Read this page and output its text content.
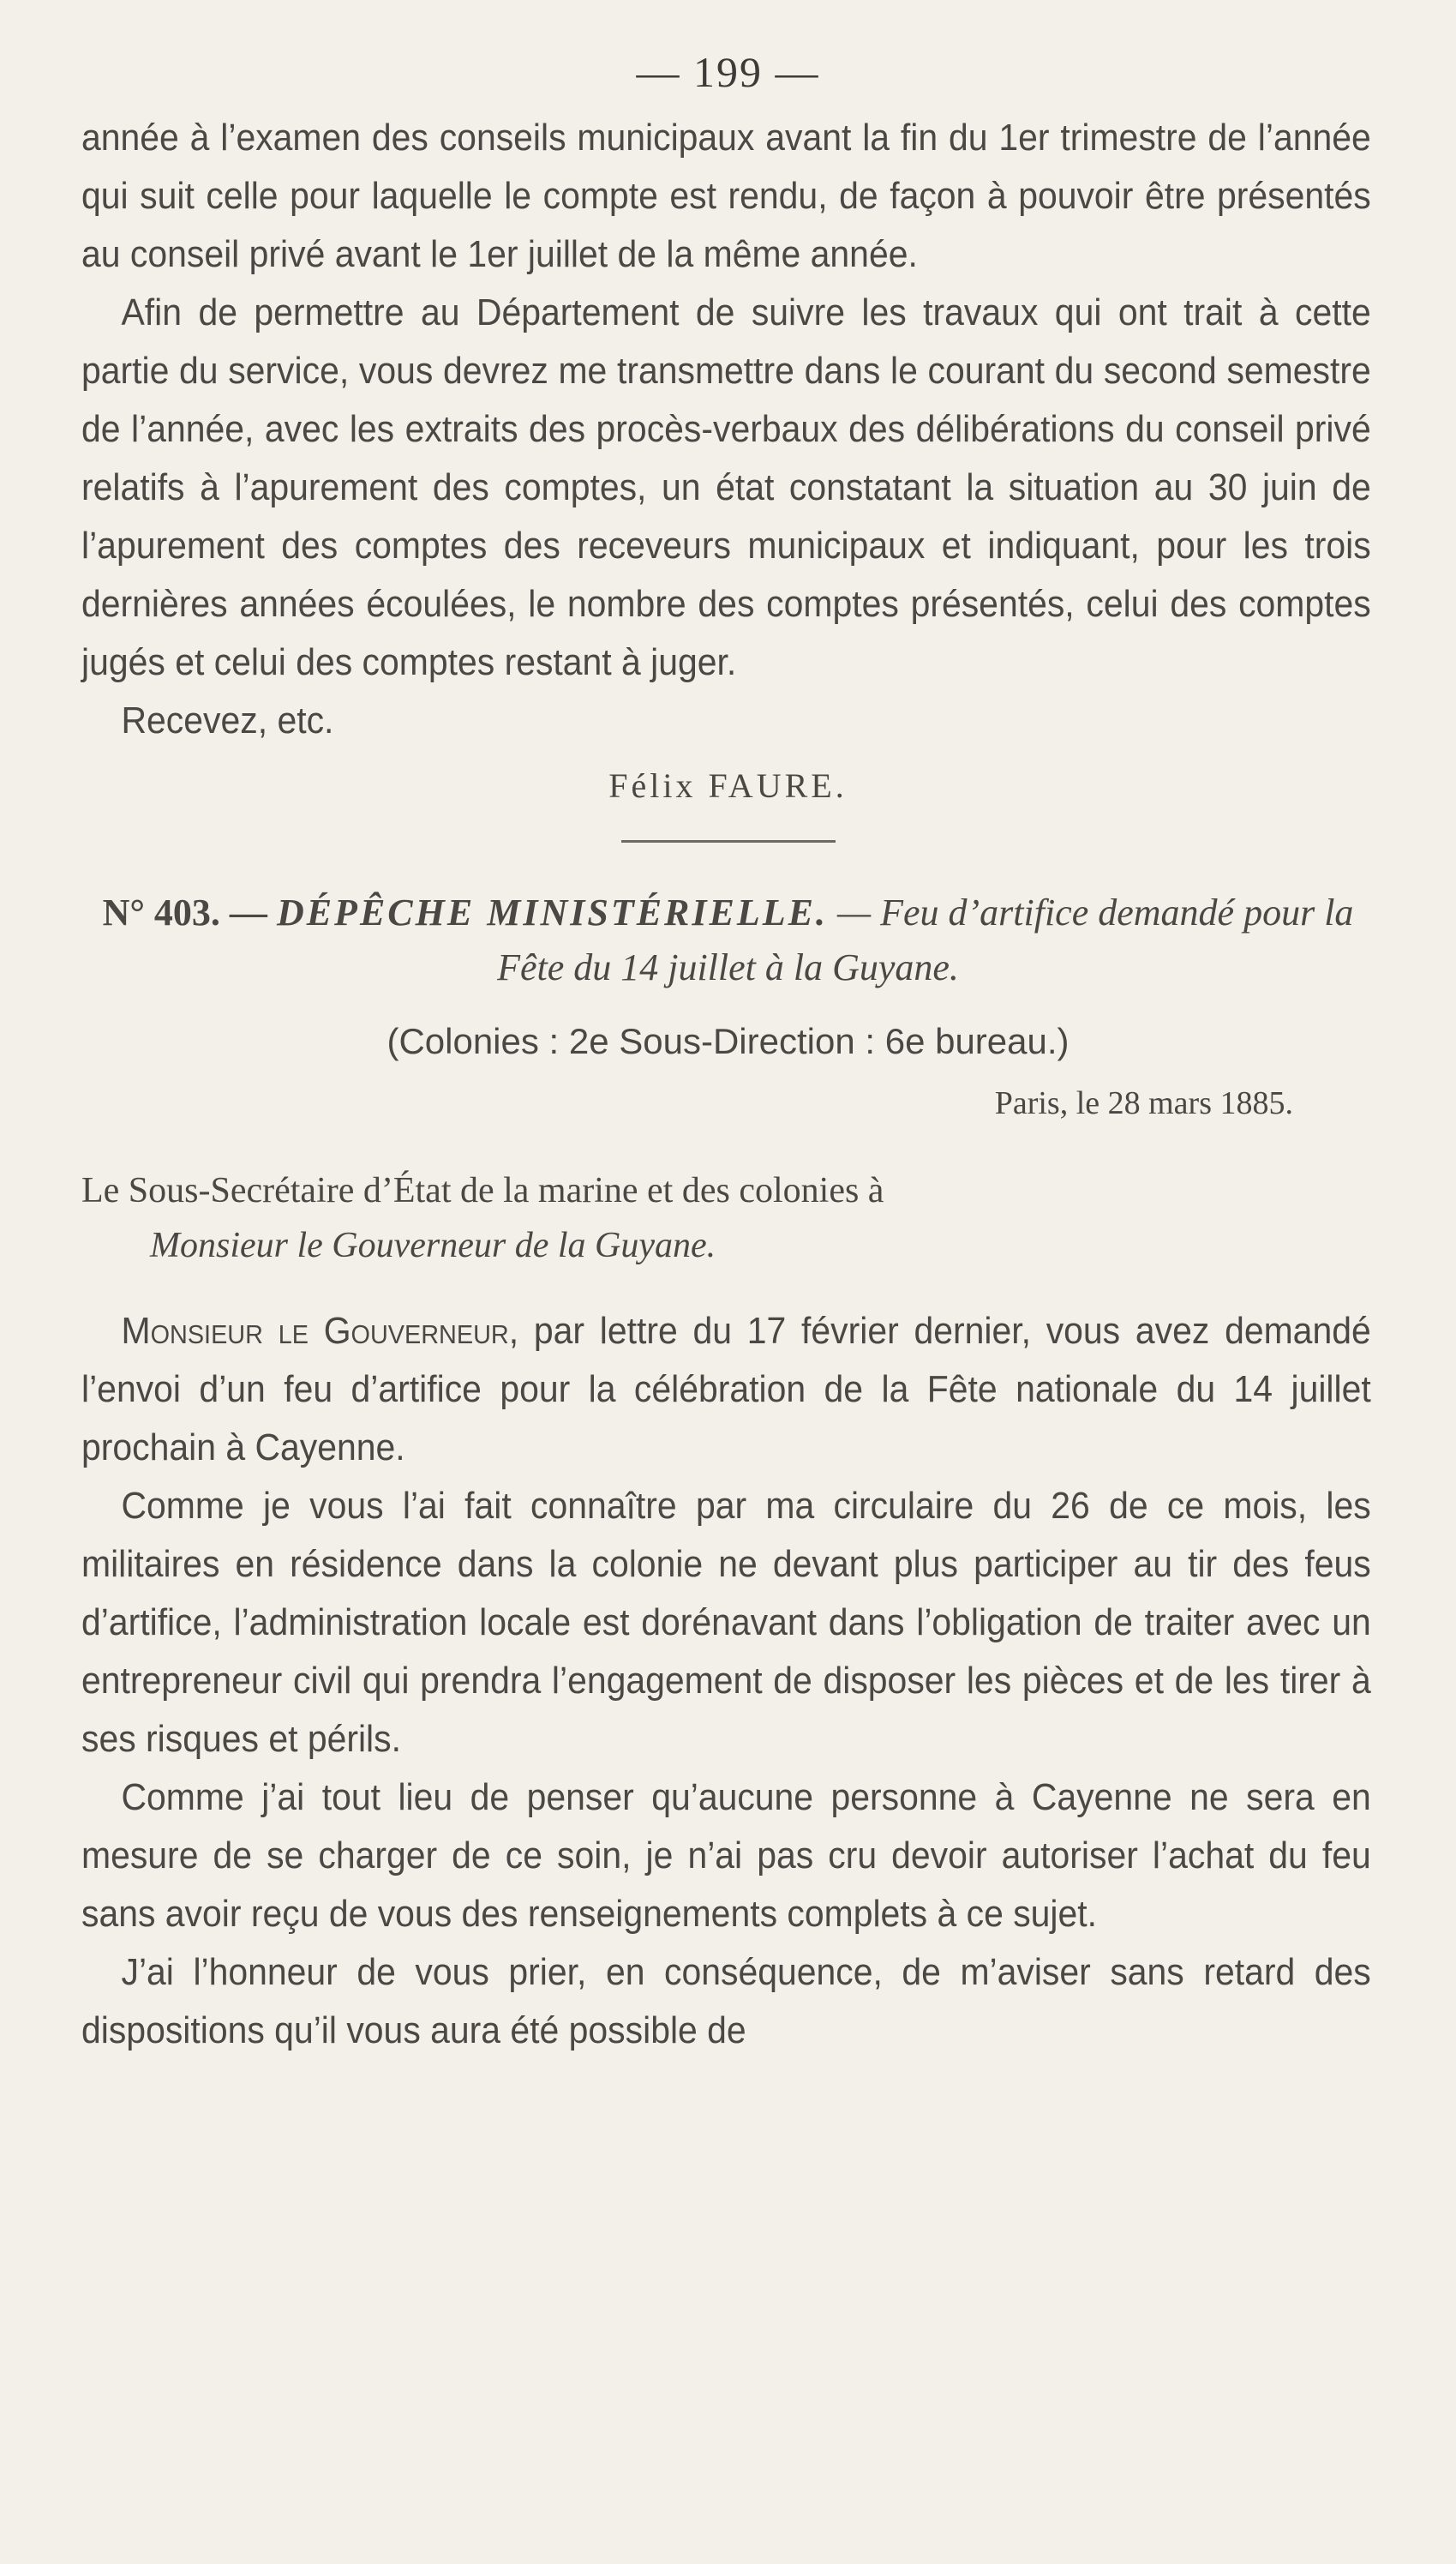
— 199 —

année à l’examen des conseils municipaux avant la fin du 1er trimestre de l’année qui suit celle pour laquelle le compte est rendu, de façon à pouvoir être présentés au conseil privé avant le 1er juillet de la même année.

Afin de permettre au Département de suivre les travaux qui ont trait à cette partie du service, vous devrez me transmettre dans le courant du second semestre de l’année, avec les extraits des procès-verbaux des délibérations du conseil privé relatifs à l’apurement des comptes, un état constatant la situation au 30 juin de l’apurement des comptes des receveurs municipaux et indiquant, pour les trois dernières années écoulées, le nombre des comptes présentés, celui des comptes jugés et celui des comptes restant à juger.

Recevez, etc.

Félix FAURE.
N° 403. — DÉPÊCHE MINISTÉRIELLE. — Feu d’artifice demandé pour la Fête du 14 juillet à la Guyane.
(Colonies : 2e Sous-Direction : 6e bureau.)
Paris, le 28 mars 1885.
Le Sous-Secrétaire d’État de la marine et des colonies à
Monsieur le Gouverneur de la Guyane.

Monsieur le Gouverneur, par lettre du 17 février dernier, vous avez demandé l’envoi d’un feu d’artifice pour la célébration de la Fête nationale du 14 juillet prochain à Cayenne.

Comme je vous l’ai fait connaître par ma circulaire du 26 de ce mois, les militaires en résidence dans la colonie ne devant plus participer au tir des feus d’artifice, l’administration locale est dorénavant dans l’obligation de traiter avec un entrepreneur civil qui prendra l’engagement de disposer les pièces et de les tirer à ses risques et périls.

Comme j’ai tout lieu de penser qu’aucune personne à Cayenne ne sera en mesure de se charger de ce soin, je n’ai pas cru devoir autoriser l’achat du feu sans avoir reçu de vous des renseignements complets à ce sujet.

J’ai l’honneur de vous prier, en conséquence, de m’aviser sans retard des dispositions qu’il vous aura été possible de
